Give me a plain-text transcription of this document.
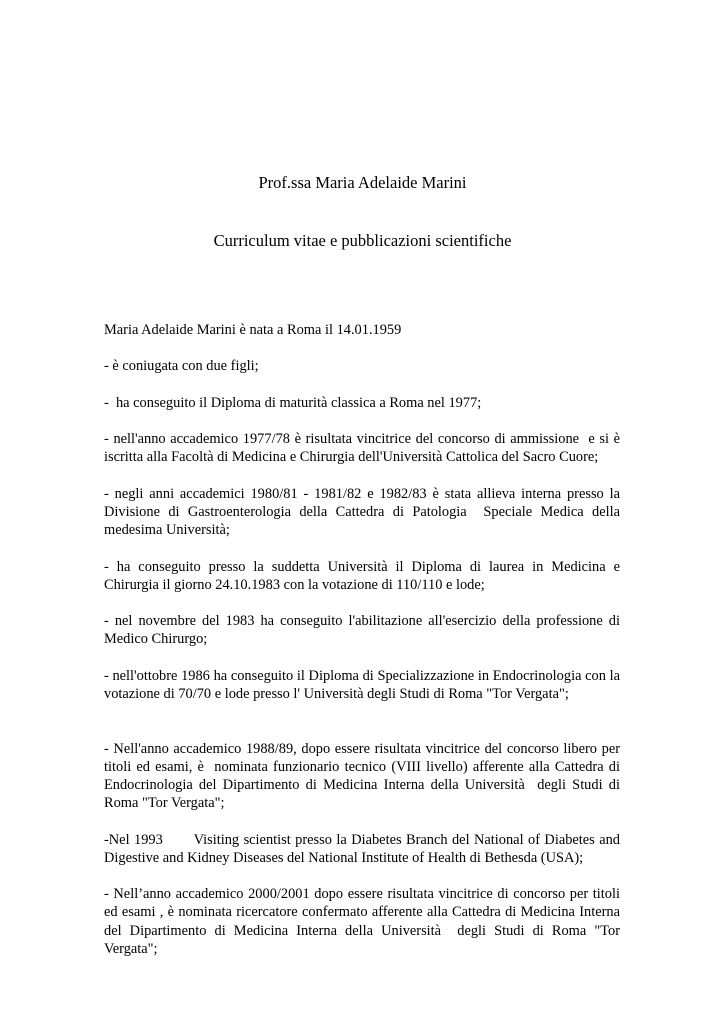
Prof.ssa Maria Adelaide Marini
Curriculum vitae e pubblicazioni scientifiche

Maria Adelaide Marini è nata a Roma il 14.01.1959

- è coniugata con due figli;

-  ha conseguito il Diploma di maturità classica a Roma nel 1977;

- nell'anno accademico 1977/78 è risultata vincitrice del concorso di ammissione  e si è iscritta alla Facoltà di Medicina e Chirurgia dell'Università Cattolica del Sacro Cuore;

- negli anni accademici 1980/81 - 1981/82 e 1982/83 è stata allieva interna presso la Divisione di Gastroenterologia della Cattedra di Patologia  Speciale Medica della medesima Università;

- ha conseguito presso la suddetta Università il Diploma di laurea in Medicina e Chirurgia il giorno 24.10.1983 con la votazione di 110/110 e lode;

- nel novembre del 1983 ha conseguito l'abilitazione all'esercizio della professione di Medico Chirurgo;

- nell'ottobre 1986 ha conseguito il Diploma di Specializzazione in Endocrinologia con la votazione di 70/70 e lode presso l' Università degli Studi di Roma "Tor Vergata";

- Nell'anno accademico 1988/89, dopo essere risultata vincitrice del concorso libero per titoli ed esami, è  nominata funzionario tecnico (VIII livello) afferente alla Cattedra di Endocrinologia del Dipartimento di Medicina Interna della Università  degli Studi di Roma "Tor Vergata";

-Nel 1993       Visiting scientist presso la Diabetes Branch del National of Diabetes and Digestive and Kidney Diseases del National Institute of Health di Bethesda (USA);

- Nell’anno accademico 2000/2001 dopo essere risultata vincitrice di concorso per titoli ed esami , è nominata ricercatore confermato afferente alla Cattedra di Medicina Interna del Dipartimento di Medicina Interna della Università  degli Studi di Roma "Tor Vergata";
